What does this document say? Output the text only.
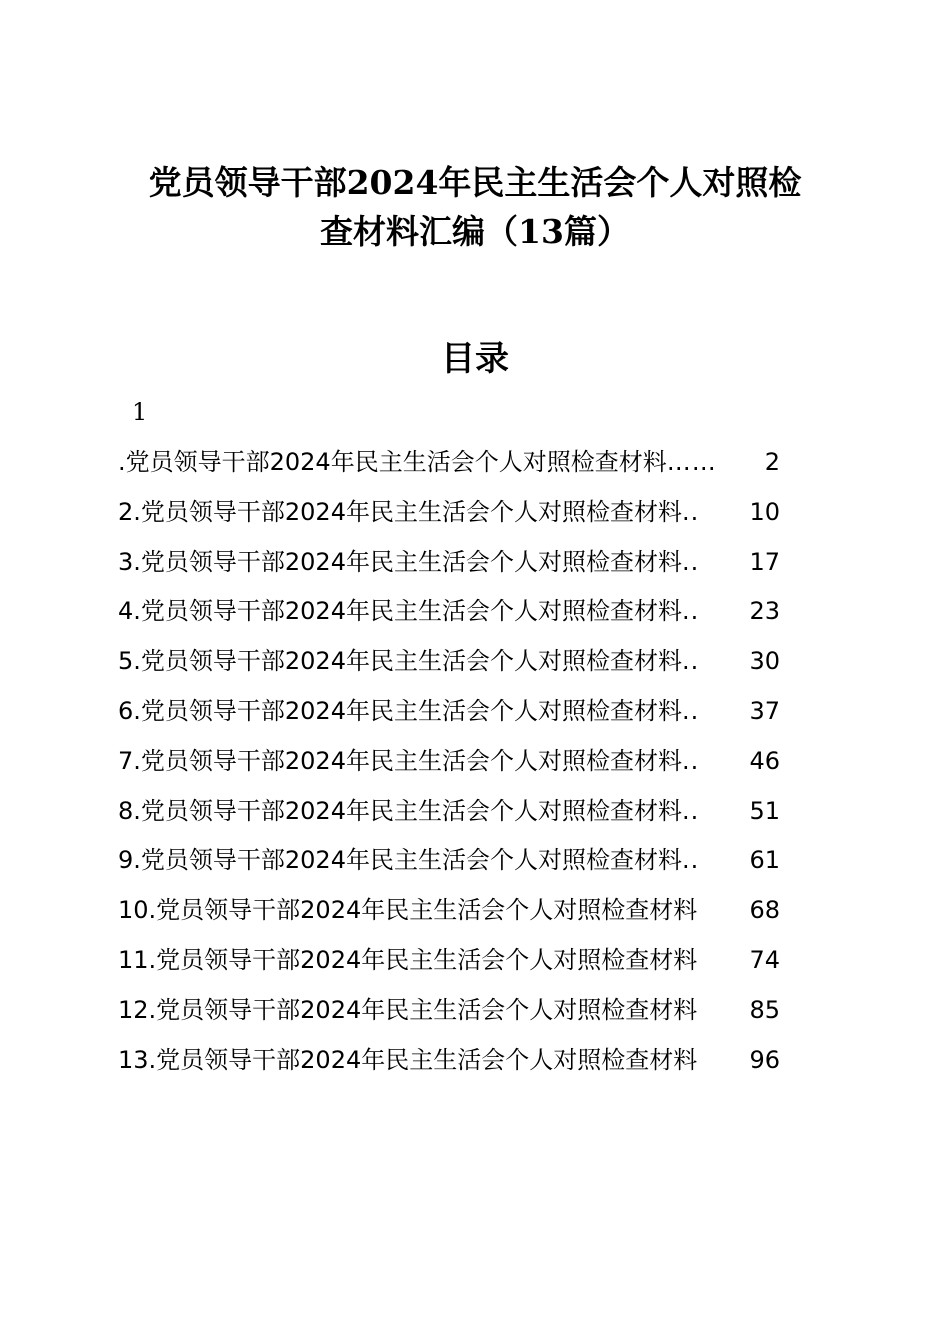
党员领导干部2024年民主生活会个人对照检
查材料汇编（13篇）
目录
1
.党员领导干部2024年民主生活会个人对照检查材料 …… 2
2.党员领导干部2024年民主生活会个人对照检查材料 .. 10
3.党员领导干部2024年民主生活会个人对照检查材料 .. 17
4.党员领导干部2024年民主生活会个人对照检查材料 .. 23
5.党员领导干部2024年民主生活会个人对照检查材料 .. 30
6.党员领导干部2024年民主生活会个人对照检查材料 .. 37
7.党员领导干部2024年民主生活会个人对照检查材料 .. 46
8.党员领导干部2024年民主生活会个人对照检查材料 .. 51
9.党员领导干部2024年民主生活会个人对照检查材料 .. 61
10.党员领导干部2024年民主生活会个人对照检查材料 68
11.党员领导干部2024年民主生活会个人对照检查材料 74
12.党员领导干部2024年民主生活会个人对照检查材料 85
13.党员领导干部2024年民主生活会个人对照检查材料 96
